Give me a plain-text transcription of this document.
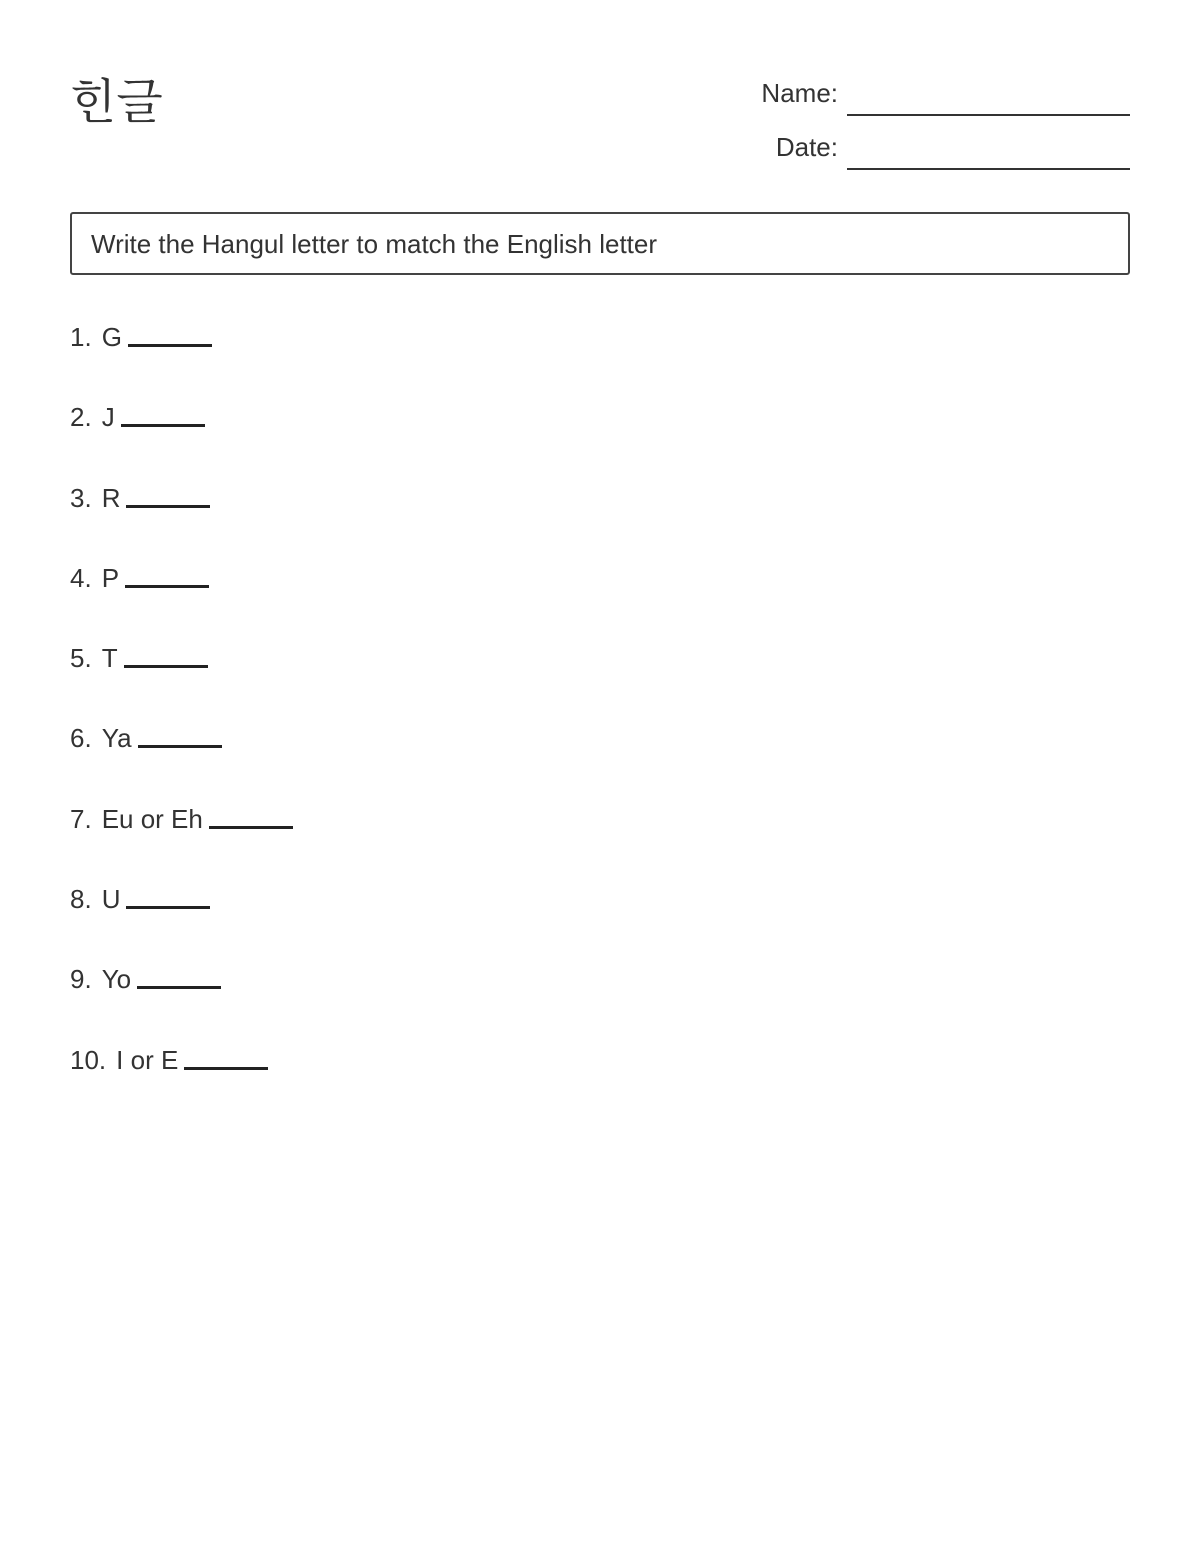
힌글	Name:
Date:
Write the Hangul letter to match the English letter
1. G
2. J
3. R
4. P
5. T
6. Ya
7. Eu or Eh
8. U
9. Yo
10. I or E
